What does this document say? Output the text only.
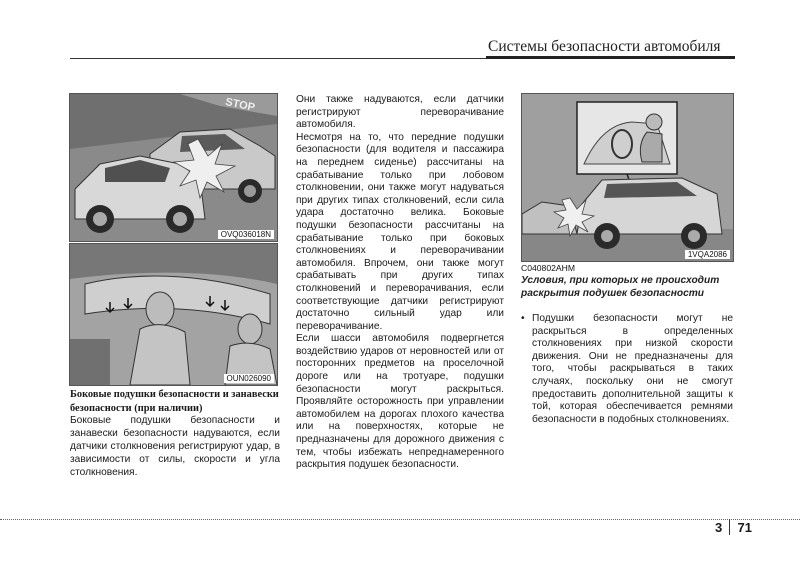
Системы безопасности автомобиля
STOP
OVQ036018N
OUN026090
Боковые подушки безопасности и занавески безопасности (при наличии)
Боковые подушки безопасности и занавески безопасности надуваются, если датчики столкновения регистрируют удар, в зависимости от силы, скорости и угла столкновения.

Они также надуваются, если датчики регистрируют переворачивание автомобиля.

Несмотря на то, что передние подушки безопасности (для водителя и пассажира на переднем сиденье) рассчитаны на срабатывание только при лобовом столкновении, они также могут надуваться при других типах столкновений, если сила удара достаточно велика. Боковые подушки безопасности рассчитаны на срабатывание только при боковых столкновениях и переворачивании автомобиля. Впрочем, они также могут срабатывать при других типах столкновений и переворачивания, если соответствующие датчики регистрируют достаточно сильный удар или переворачивание.

Если шасси автомобиля подвергнется воздействию ударов от неровностей или от посторонних предметов на проселочной дороге или на тротуаре, подушки безопасности могут раскрыться. Проявляйте осторожность при управлении автомобилем на дорогах плохого качества или на поверхностях, которые не предназначены для дорожного движения с тем, чтобы избежать непреднамеренного раскрытия подушек безопасности.

1VQA2086
C040802AHM
Условия, при которых не происходит раскрытия подушек безопасности
• Подушки безопасности могут не раскрыться в определенных столкновениях при низкой скорости движения. Они не предназначены для того, чтобы раскрываться в таких случаях, поскольку они не смогут предоставить дополнительной защиты к той, которая обеспечивается ремнями безопасности в подобных столкновениях.
3 71
